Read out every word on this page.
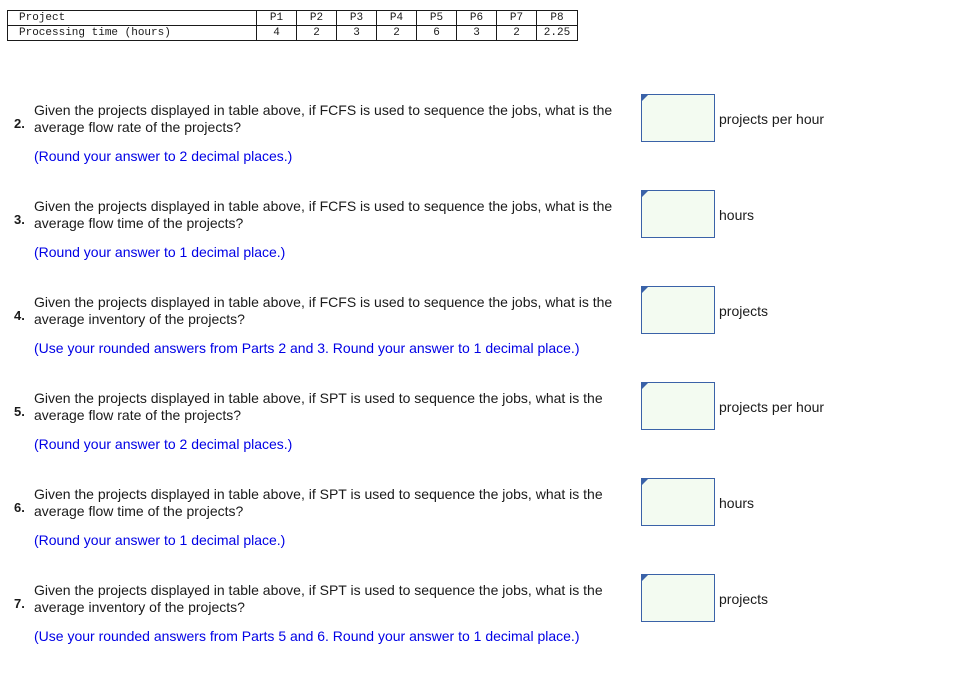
Project	P1	P2	P3	P4	P5	P6	P7	P8
Processing time (hours)	4	2	3	2	6	3	2	2.25
2.
Given the projects displayed in table above, if FCFS is used to sequence the jobs, what is the average flow rate of the projects?
(Round your answer to 2 decimal places.)
projects per hour
3.
Given the projects displayed in table above, if FCFS is used to sequence the jobs, what is the average flow time of the projects?
(Round your answer to 1 decimal place.)
hours
4.
Given the projects displayed in table above, if FCFS is used to sequence the jobs, what is the average inventory of the projects?
(Use your rounded answers from Parts 2 and 3. Round your answer to 1 decimal place.)
projects
5.
Given the projects displayed in table above, if SPT is used to sequence the jobs, what is the average flow rate of the projects?
(Round your answer to 2 decimal places.)
projects per hour
6.
Given the projects displayed in table above, if SPT is used to sequence the jobs, what is the average flow time of the projects?
(Round your answer to 1 decimal place.)
hours
7.
Given the projects displayed in table above, if SPT is used to sequence the jobs, what is the average inventory of the projects?
(Use your rounded answers from Parts 5 and 6. Round your answer to 1 decimal place.)
projects
